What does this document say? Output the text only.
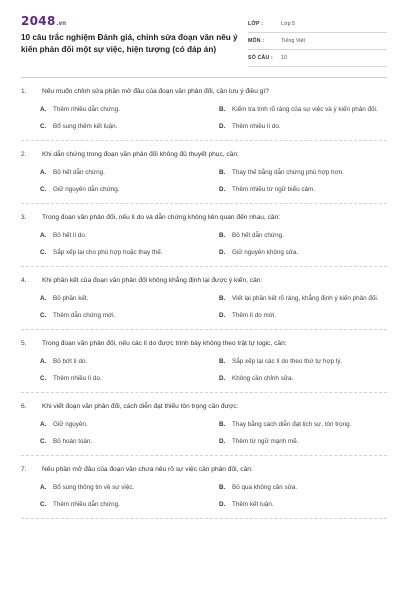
2048 .vn
10 câu trắc nghiệm Đánh giá, chỉnh sửa đoạn văn nêu ý kiến phản đối một sự việc, hiện tượng (có đáp án)
LỚP :	Lớp 5
MÔN :	Tiếng Việt
SỐ CÂU :	10
1.	Nếu muốn chỉnh sửa phần mở đầu của đoạn văn phản đối, cần lưu ý điều gì?
A.	Thêm nhiều dẫn chứng.	B.	Kiểm tra tính rõ ràng của sự việc và ý kiến phản đối.
C.	Bổ sung thêm kết luận.	D.	Thêm nhiều lí do.
2.	Khi dẫn chứng trong đoạn văn phản đối không đủ thuyết phục, cần:
A.	Bỏ hết dẫn chứng.	B.	Thay thế bằng dẫn chứng phù hợp hơn.
C.	Giữ nguyên dẫn chứng.	D.	Thêm nhiều từ ngữ biểu cảm.
3.	Trong đoạn văn phản đối, nếu lí do và dẫn chứng không liên quan đến nhau, cần:
A.	Bỏ hết lí do.	B.	Bỏ hết dẫn chứng.
C.	Sắp xếp lại cho phù hợp hoặc thay thế.	D.	Giữ nguyên không sửa.
4.	Khi phần kết của đoạn văn phản đối không khẳng định lại được ý kiến, cần:
A.	Bỏ phần kết.	B.	Viết lại phần kết rõ ràng, khẳng định ý kiến phản đối.
C.	Thêm dẫn chứng mới.	D.	Thêm lí do mới.
5.	Trong đoạn văn phản đối, nếu các lí do được trình bày không theo trật tự logic, cần:
A.	Bỏ bớt lí do.	B.	Sắp xếp lại các lí do theo thứ tự hợp lý.
C.	Thêm nhiều lí do.	D.	Không cần chỉnh sửa.
6.	Khi viết đoạn văn phản đối, cách diễn đạt thiếu tôn trọng cần được:
A.	Giữ nguyên.	B.	Thay bằng cách diễn đạt lịch sự, tôn trọng.
C.	Bỏ hoàn toàn.	D.	Thêm từ ngữ mạnh mẽ.
7.	Nếu phần mở đầu của đoạn văn chưa nêu rõ sự việc cần phản đối, cần:
A.	Bổ sung thông tin về sự việc.	B.	Bỏ qua không cần sửa.
C.	Thêm nhiều dẫn chứng.	D.	Thêm kết luận.
